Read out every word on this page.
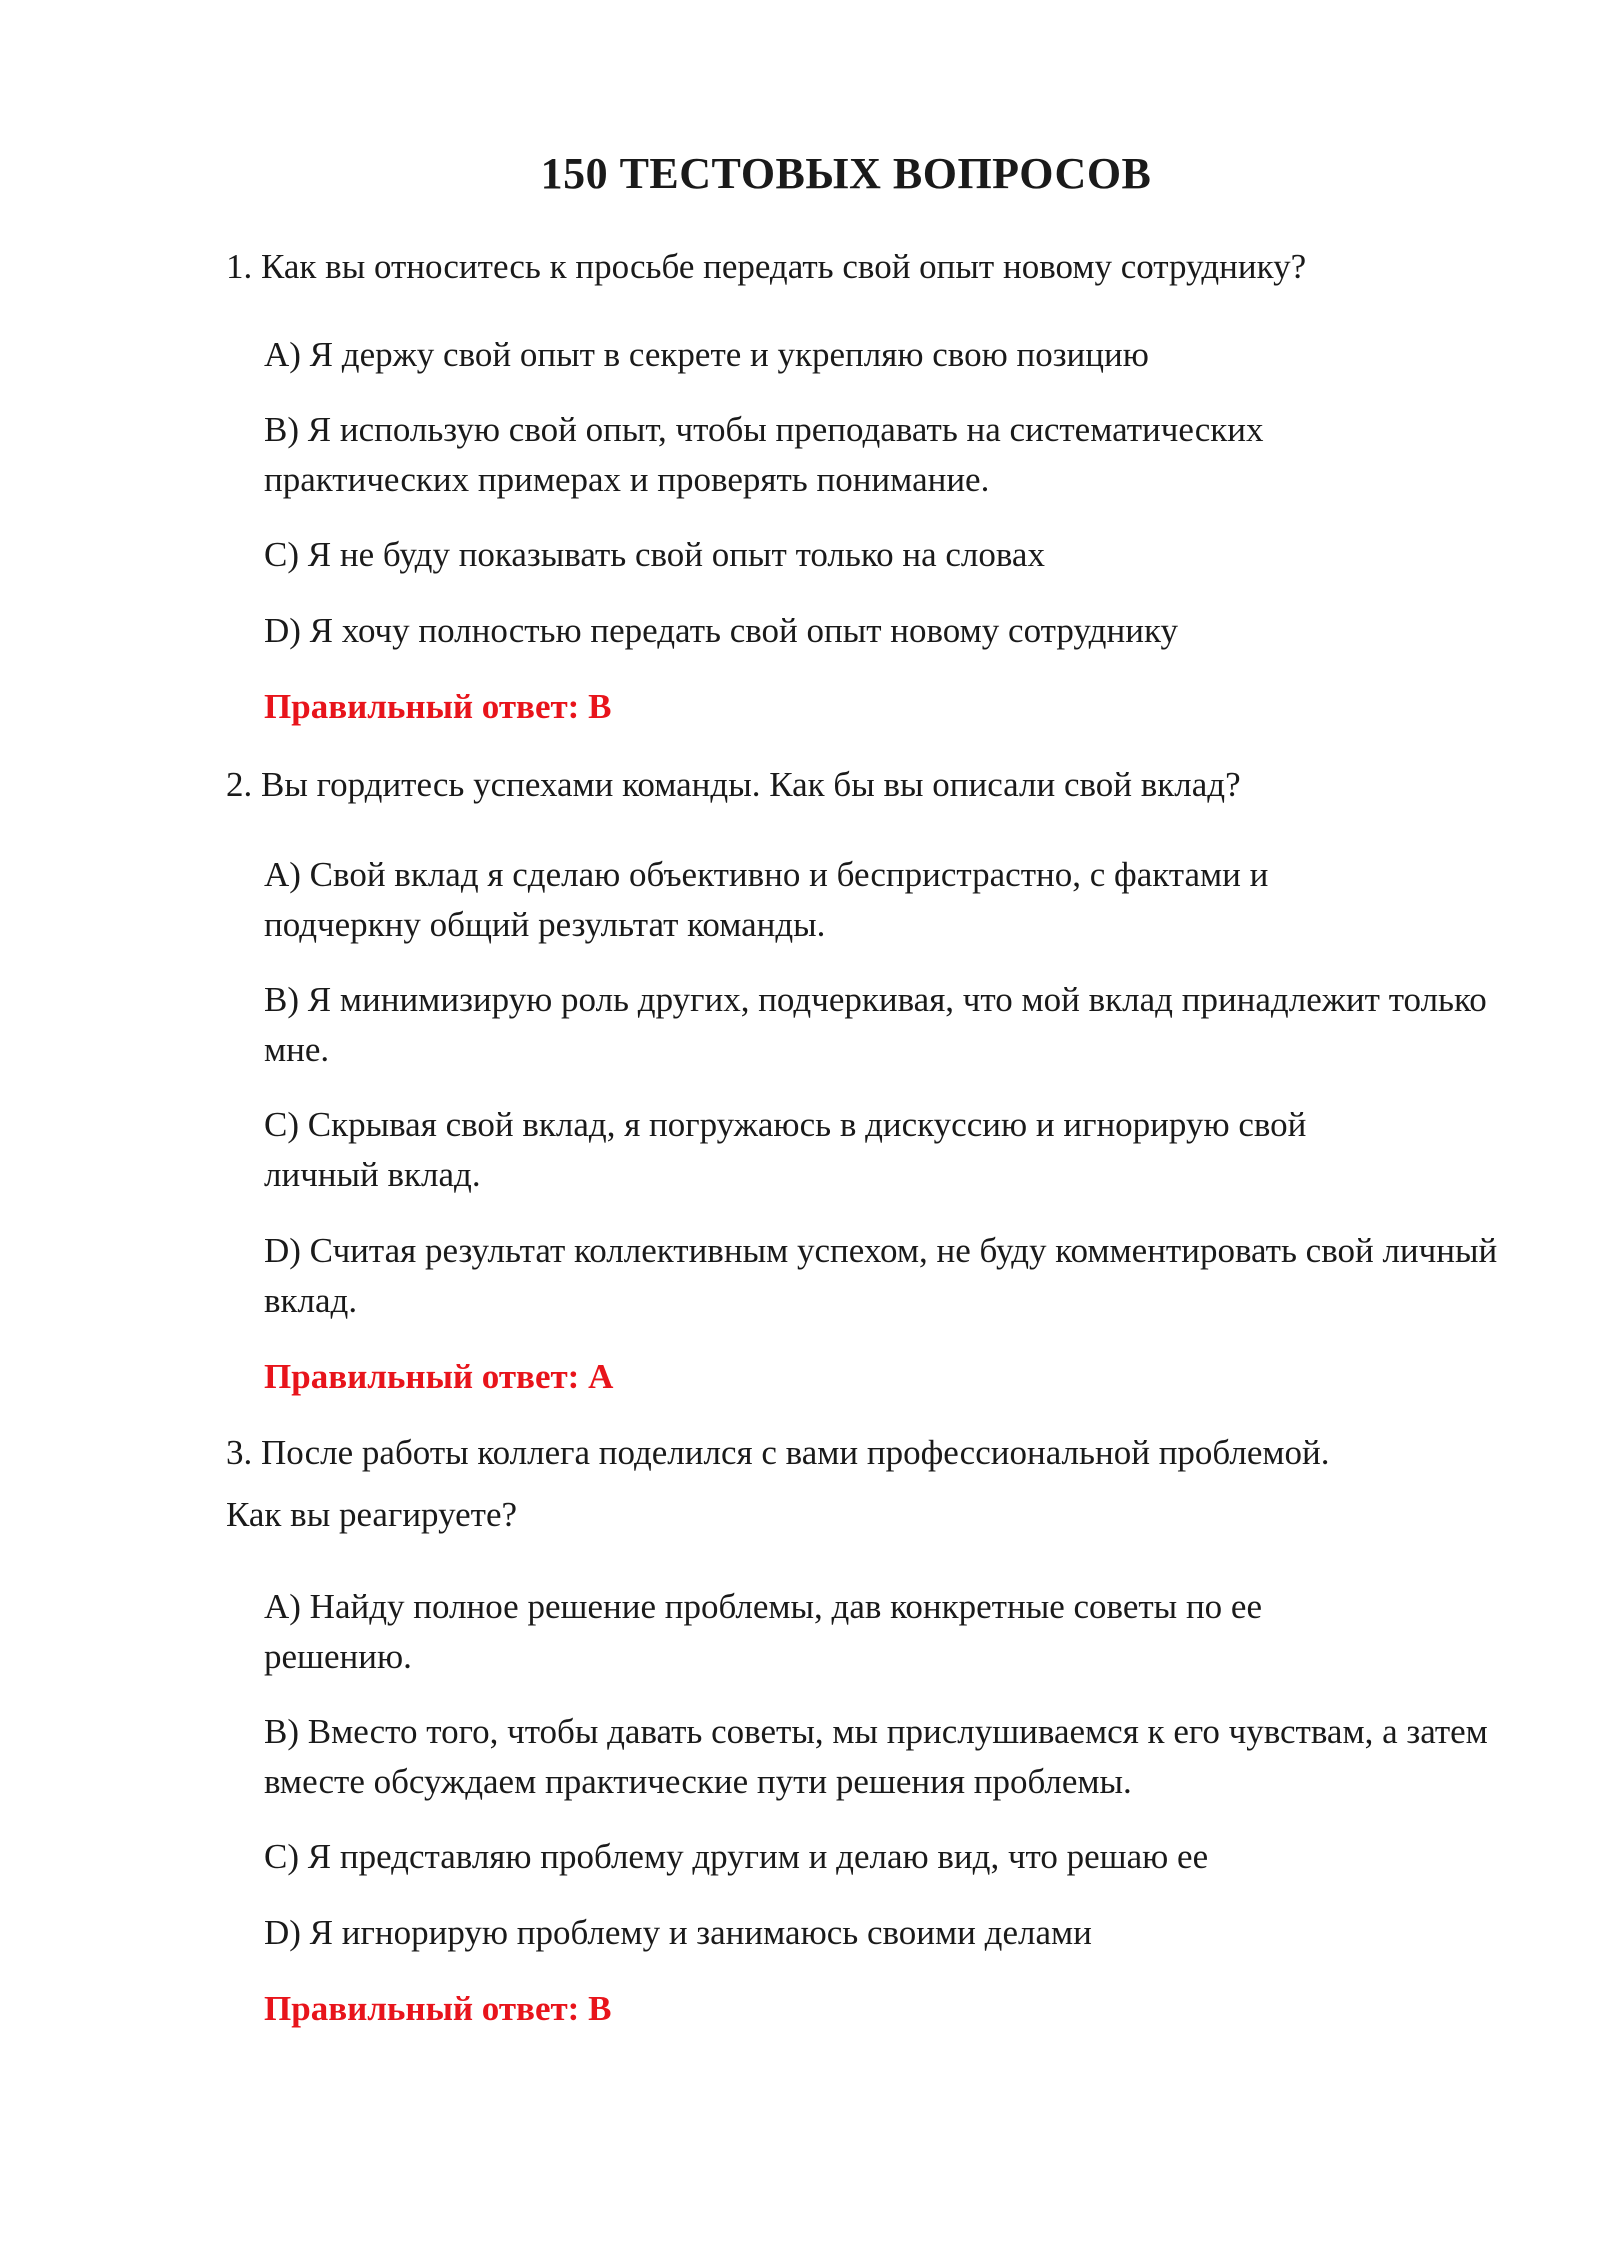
150 ТЕСТОВЫХ ВОПРОСОВ
1. Как вы относитесь к просьбе передать свой опыт новому сотруднику?
A) Я держу свой опыт в секрете и укрепляю свою позицию
B) Я использую свой опыт, чтобы преподавать на систематических практических примерах и проверять понимание.
C) Я не буду показывать свой опыт только на словах
D) Я хочу полностью передать свой опыт новому сотруднику
Правильный ответ: B
2. Вы гордитесь успехами команды. Как бы вы описали свой вклад?
A) Свой вклад я сделаю объективно и беспристрастно, с фактами и подчеркну общий результат команды.
B) Я минимизирую роль других, подчеркивая, что мой вклад принадлежит только мне.
C) Скрывая свой вклад, я погружаюсь в дискуссию и игнорирую свой личный вклад.
D) Считая результат коллективным успехом, не буду комментировать свой личный вклад.
Правильный ответ: A
3. После работы коллега поделился с вами профессиональной проблемой.
Как вы реагируете?
A) Найду полное решение проблемы, дав конкретные советы по ее решению.
B) Вместо того, чтобы давать советы, мы прислушиваемся к его чувствам, а затем вместе обсуждаем практические пути решения проблемы.
C) Я представляю проблему другим и делаю вид, что решаю ее
D) Я игнорирую проблему и занимаюсь своими делами
Правильный ответ: B
